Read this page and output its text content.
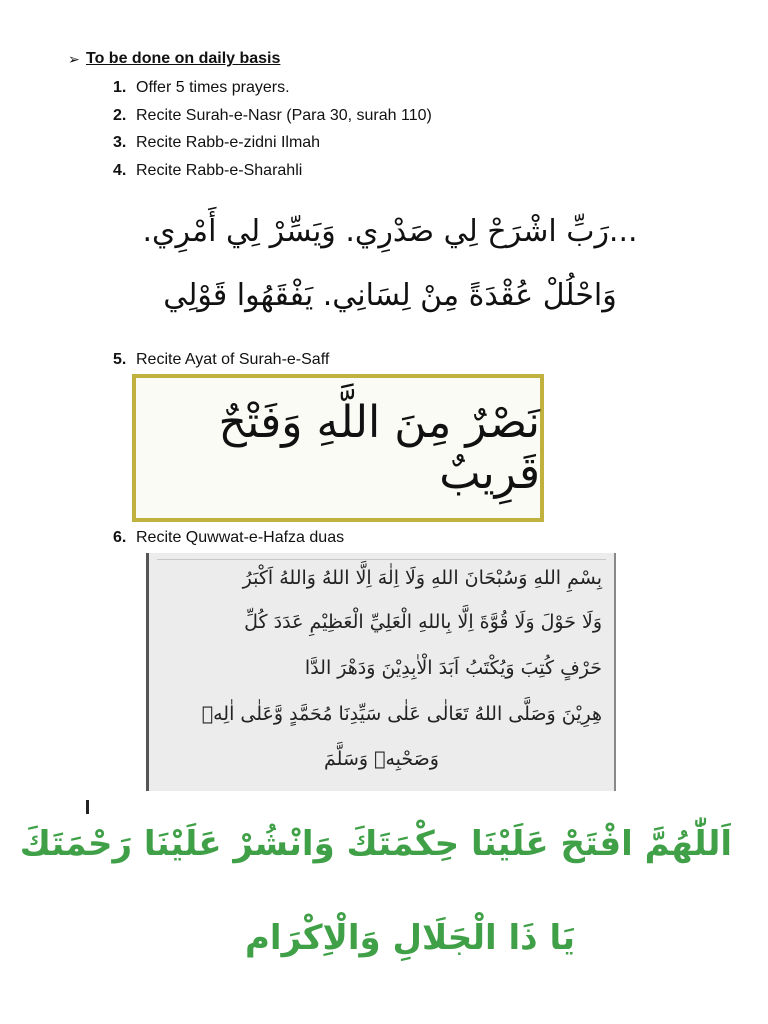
➢ To be done on daily basis
1. Offer 5 times prayers.
2. Recite Surah-e-Nasr (Para 30, surah 110)
3. Recite Rabb-e-zidni Ilmah
4. Recite Rabb-e-Sharahli
...رَبِّ اشْرَحْ لِي صَدْرِي. وَيَسِّرْ لِي أَمْرِي.
وَاحْلُلْ عُقْدَةً مِنْ لِسَانِي. يَفْقَهُوا قَوْلِي
5. Recite Ayat of Surah-e-Saff
نَصْرٌ مِنَ اللَّهِ وَفَتْحٌ قَرِيبٌ
6. Recite Quwwat-e-Hafza duas
بِسْمِ اللهِ وَسُبْحَانَ اللهِ وَلَا اِلٰهَ اِلَّا اللهُ وَاللهُ اَكْبَرُ
وَلَا حَوْلَ وَلَا قُوَّةَ اِلَّا بِاللهِ الْعَلِيِّ الْعَظِيْمِ عَدَدَ كُلِّ
حَرْفٍ كُتِبَ وَيُكْتَبُ اَبَدَ الْاٰبِدِيْنَ وَدَهْرَ الدَّا
هِرِيْنَ وَصَلَّى اللهُ تَعَالٰى عَلٰى سَيِّدِنَا مُحَمَّدٍ وَّعَلٰى اٰلِهٖ
وَصَحْبِهٖ وَسَلَّمَ
اَللّٰهُمَّ افْتَحْ عَلَيْنَا حِكْمَتَكَ وَانْشُرْ عَلَيْنَا رَحْمَتَكَ
يَا ذَا الْجَلَالِ وَالْاِكْرَام
